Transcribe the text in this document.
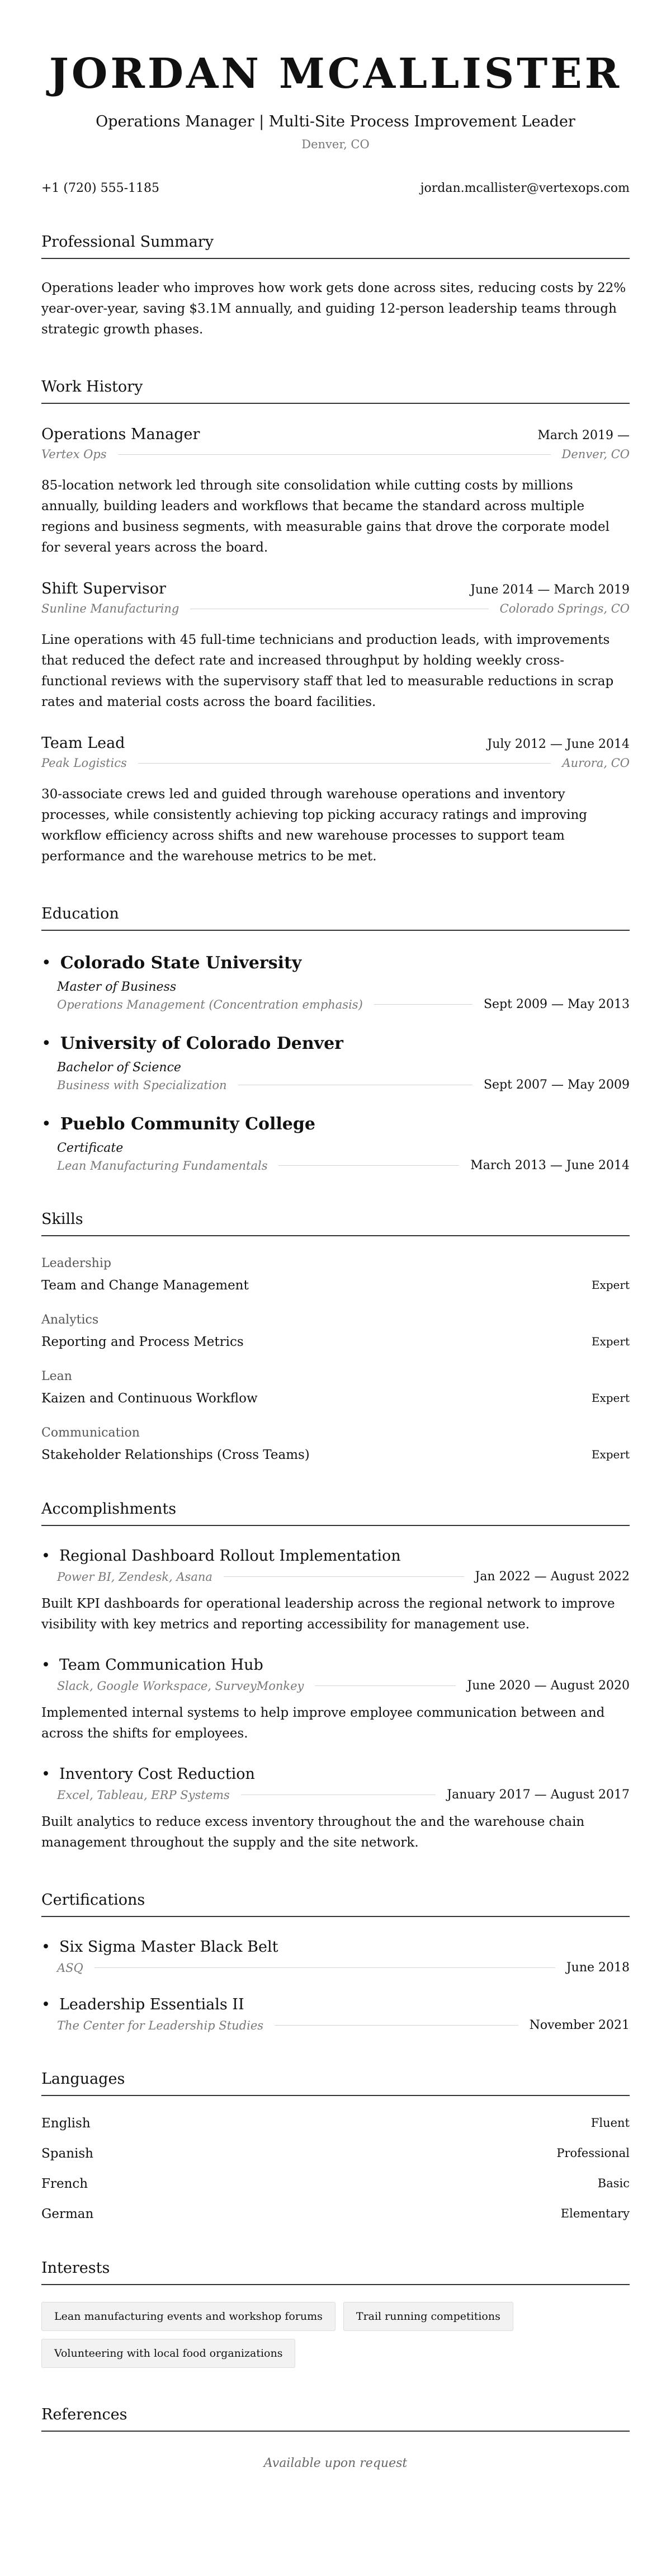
JORDAN MCALLISTER
Operations Manager | Multi-Site Process Improvement Leader
Denver, CO
+1 (720) 555-1185	jordan.mcallister@vertexops.com
Professional Summary
Operations leader who improves how work gets done across sites, reducing costs by 22% year-over-year, saving $3.1M annually, and guiding 12-person leadership teams through strategic growth phases.
Work History
Operations Manager	March 2019 —
Vertex Ops	Denver, CO
85-location network led through site consolidation while cutting costs by millions annually, building leaders and workflows that became the standard across multiple regions and business segments, with measurable gains that drove the corporate model for several years across the board.
Shift Supervisor	June 2014 — March 2019
Sunline Manufacturing	Colorado Springs, CO
Line operations with 45 full-time technicians and production leads, with improvements that reduced the defect rate and increased throughput by holding weekly cross-functional reviews with the supervisory staff that led to measurable reductions in scrap rates and material costs across the board facilities.
Team Lead	July 2012 — June 2014
Peak Logistics	Aurora, CO
30-associate crews led and guided through warehouse operations and inventory processes, while consistently achieving top picking accuracy ratings and improving workflow efficiency across shifts and new warehouse processes to support team performance and the warehouse metrics to be met.
Education
• Colorado State University
Master of Business
Operations Management (Concentration emphasis)	Sept 2009 — May 2013
• University of Colorado Denver
Bachelor of Science
Business with Specialization	Sept 2007 — May 2009
• Pueblo Community College
Certificate
Lean Manufacturing Fundamentals	March 2013 — June 2014
Skills
Leadership
Team and Change Management	Expert
Analytics
Reporting and Process Metrics	Expert
Lean
Kaizen and Continuous Workflow	Expert
Communication
Stakeholder Relationships (Cross Teams)	Expert
Accomplishments
• Regional Dashboard Rollout Implementation
Power BI, Zendesk, Asana	Jan 2022 — August 2022
Built KPI dashboards for operational leadership across the regional network to improve visibility with key metrics and reporting accessibility for management use.
• Team Communication Hub
Slack, Google Workspace, SurveyMonkey	June 2020 — August 2020
Implemented internal systems to help improve employee communication between and across the shifts for employees.
• Inventory Cost Reduction
Excel, Tableau, ERP Systems	January 2017 — August 2017
Built analytics to reduce excess inventory throughout the and the warehouse chain management throughout the supply and the site network.
Certifications
• Six Sigma Master Black Belt
ASQ	June 2018
• Leadership Essentials II
The Center for Leadership Studies	November 2021
Languages
English	Fluent
Spanish	Professional
French	Basic
German	Elementary
Interests
Lean manufacturing events and workshop forums	Trail running competitions
Volunteering with local food organizations
References
Available upon request
